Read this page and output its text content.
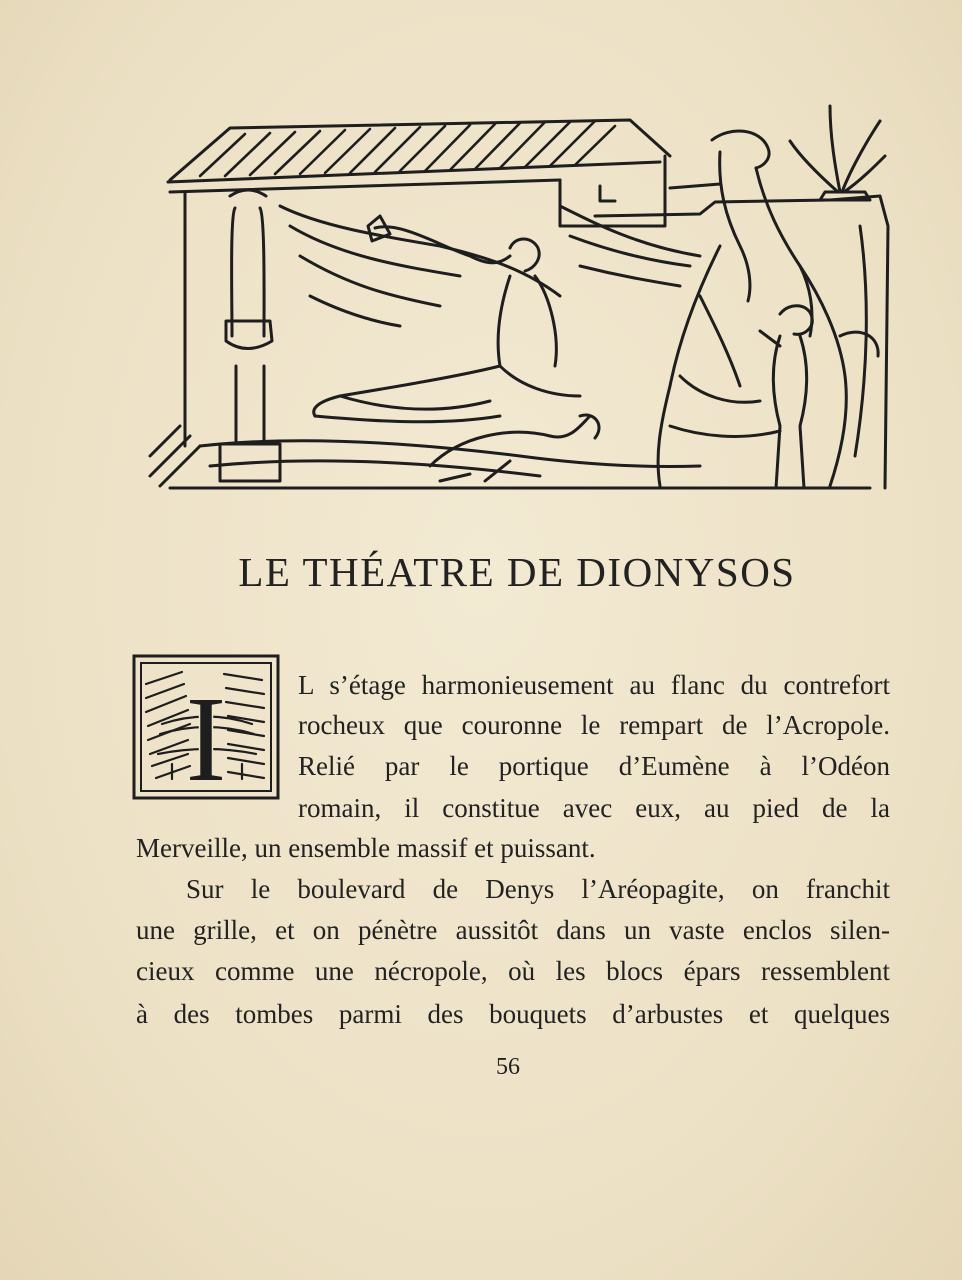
LE THÉATRE DE DIONYSOS
I	L s’étage harmonieusement au flanc du contrefort
rocheux que couronne le rempart de l’Acropole.
Relié par le portique d’Eumène à l’Odéon
romain, il constitue avec eux, au pied de la
Merveille, un ensemble massif et puissant.
Sur le boulevard de Denys l’Aréopagite, on franchit
une grille, et on pénètre aussitôt dans un vaste enclos silen-
cieux comme une nécropole, où les blocs épars ressemblent
à des tombes parmi des bouquets d’arbustes et quelques
56
